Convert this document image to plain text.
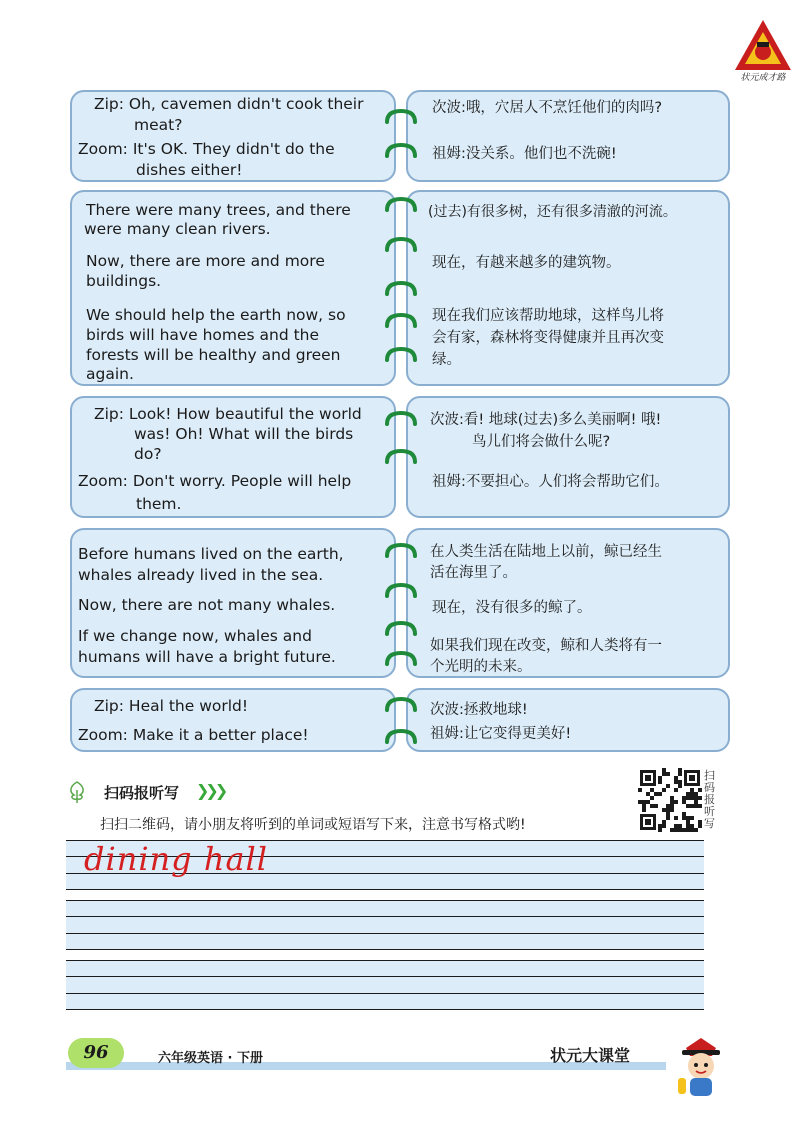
状元成才路
Zip: Oh, cavemen didn't cook their
meat?
Zoom: It's OK. They didn't do the
dishes either!
次波:哦，穴居人不烹饪他们的肉吗?
祖姆:没关系。他们也不洗碗!
There were many trees, and there
were many clean rivers.
Now, there are more and more
buildings.
We should help the earth now, so
birds will have homes and the
forests will be healthy and green
again.
(过去)有很多树，还有很多清澈的河流。
现在，有越来越多的建筑物。
现在我们应该帮助地球，这样鸟儿将
会有家，森林将变得健康并且再次变
绿。
Zip: Look! How beautiful the world
was! Oh! What will the birds
do?
Zoom: Don't worry. People will help
them.
次波:看! 地球(过去)多么美丽啊! 哦!
鸟儿们将会做什么呢?
祖姆:不要担心。人们将会帮助它们。
Before humans lived on the earth,
whales already lived in the sea.
Now, there are not many whales.
If we change now, whales and
humans will have a bright future.
在人类生活在陆地上以前，鲸已经生
活在海里了。
现在，没有很多的鲸了。
如果我们现在改变，鲸和人类将有一
个光明的未来。
Zip: Heal the world!
Zoom: Make it a better place!
次波:拯救地球!
祖姆:让它变得更美好!
扫码报听写 ❯❯❯
扫扫二维码，请小朋友将听到的单词或短语写下来，注意书写格式哟!
扫码报听写
dining hall
96	六年级英语 · 下册	状元大课堂
